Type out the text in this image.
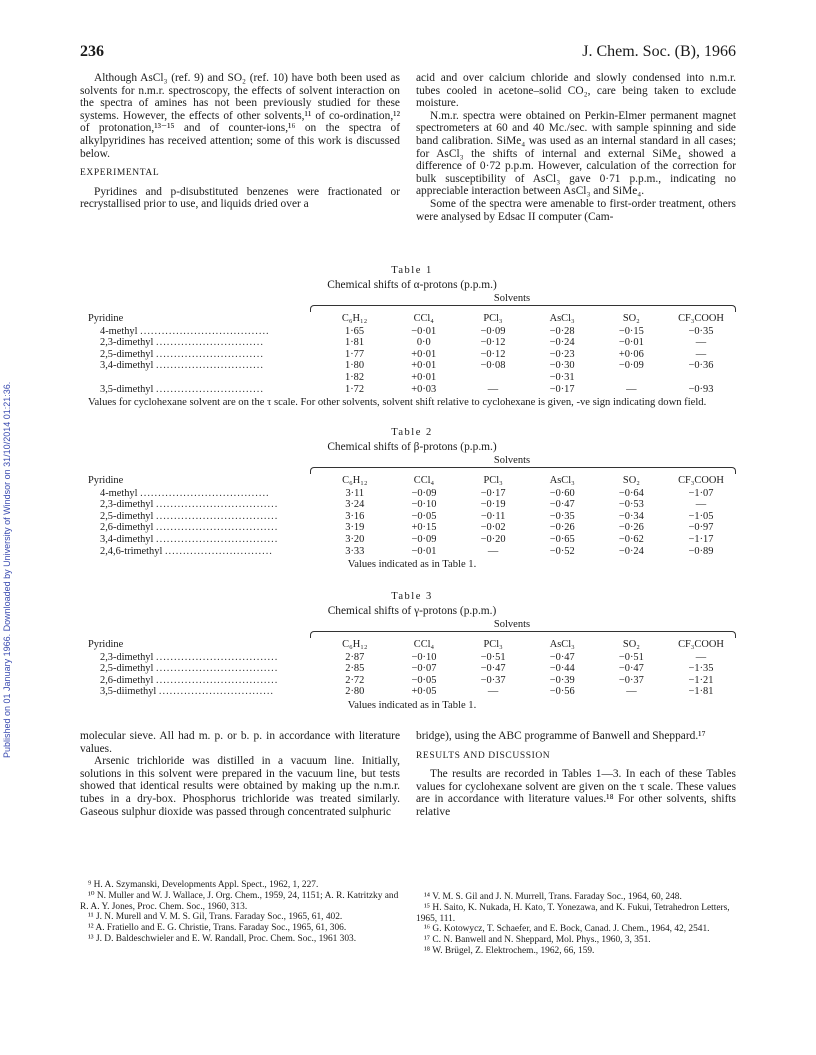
Published on 01 January 1966. Downloaded by University of Windsor on 31/10/2014 01:21:36.
236	J. Chem. Soc. (B), 1966

Although AsCl₃ (ref. 9) and SO₂ (ref. 10) have both been used as solvents for n.m.r. spectroscopy, the effects of solvent interaction on the spectra of amines has not been previously studied for these systems. However, the effects of other solvents,¹¹ of co-ordination,¹² of protonation,¹³⁻¹⁵ and of counter-ions,¹⁶ on the spectra of alkylpyridines has received attention; some of this work is discussed below.

EXPERIMENTAL

Pyridines and p-disubstituted benzenes were fractionated or recrystallised prior to use, and liquids dried over a

acid and over calcium chloride and slowly condensed into n.m.r. tubes cooled in acetone–solid CO₂, care being taken to exclude moisture.

N.m.r. spectra were obtained on Perkin-Elmer permanent magnet spectrometers at 60 and 40 Mc./sec. with sample spinning and side band calibration. SiMe₄ was used as an internal standard in all cases; for AsCl₃ the shifts of internal and external SiMe₄ showed a difference of 0·72 p.p.m. However, calculation of the correction for bulk susceptibility of AsCl₃ gave 0·71 p.p.m., indicating no appreciable interaction between AsCl₃ and SiMe₄.

Some of the spectra were amenable to first-order treatment, others were analysed by Edsac II computer (Cam-

Table 1
Chemical shifts of α-protons (p.p.m.)
Solvents
Pyridine	C₆H₁₂	CCl₄	PCl₃	AsCl₃	SO₂	CF₃COOH
4-methyl ....................................	1·65	−0·01	−0·09	−0·28	−0·15	−0·35
2,3-dimethyl ..............................	1·81	0·0	−0·12	−0·24	−0·01	—
2,5-dimethyl ..............................	1·77	+0·01	−0·12	−0·23	+0·06	—
3,4-dimethyl ..............................	1·80	+0·01	−0·08	−0·30	−0·09	−0·36
	1·82	+0·01		−0·31		
3,5-dimethyl ..............................	1·72	+0·03	—	−0·17	—	−0·93
Values for cyclohexane solvent are on the τ scale. For other solvents, solvent shift relative to cyclohexane is given, -ve sign indicating down field.
Table 2
Chemical shifts of β-protons (p.p.m.)
Solvents
Pyridine	C₆H₁₂	CCl₄	PCl₃	AsCl₃	SO₂	CF₃COOH
4-methyl ....................................	3·11	−0·09	−0·17	−0·60	−0·64	−1·07
2,3-dimethyl ..................................	3·24	−0·10	−0·19	−0·47	−0·53	—
2,5-dimethyl ..................................	3·16	−0·05	−0·11	−0·35	−0·34	−1·05
2,6-dimethyl ..................................	3·19	+0·15	−0·02	−0·26	−0·26	−0·97
3,4-dimethyl ..................................	3·20	−0·09	−0·20	−0·65	−0·62	−1·17
2,4,6-trimethyl ..............................	3·33	−0·01	—	−0·52	−0·24	−0·89
Values indicated as in Table 1.
Table 3
Chemical shifts of γ-protons (p.p.m.)
Solvents
Pyridine	C₆H₁₂	CCl₄	PCl₃	AsCl₃	SO₂	CF₃COOH
2,3-dimethyl ..................................	2·87	−0·10	−0·51	−0·47	−0·51	—
2,5-dimethyl ..................................	2·85	−0·07	−0·47	−0·44	−0·47	−1·35
2,6-dimethyl ..................................	2·72	−0·05	−0·37	−0·39	−0·37	−1·21
3,5-diimethyl ................................	2·80	+0·05	—	−0·56	—	−1·81
Values indicated as in Table 1.

molecular sieve. All had m. p. or b. p. in accordance with literature values.

Arsenic trichloride was distilled in a vacuum line. Initially, solutions in this solvent were prepared in the vacuum line, but tests showed that identical results were obtained by making up the n.m.r. tubes in a dry-box. Phosphorus trichloride was treated similarly. Gaseous sulphur dioxide was passed through concentrated sulphuric

bridge), using the ABC programme of Banwell and Sheppard.¹⁷

RESULTS AND DISCUSSION

The results are recorded in Tables 1—3. In each of these Tables values for cyclohexane solvent are given on the τ scale. These values are in accordance with literature values.¹⁸ For other solvents, shifts relative

⁹ H. A. Szymanski, Developments Appl. Spect., 1962, 1, 227.
¹⁰ N. Muller and W. J. Wallace, J. Org. Chem., 1959, 24, 1151; A. R. Katritzky and R. A. Y. Jones, Proc. Chem. Soc., 1960, 313.
¹¹ J. N. Murell and V. M. S. Gil, Trans. Faraday Soc., 1965, 61, 402.
¹² A. Fratiello and E. G. Christie, Trans. Faraday Soc., 1965, 61, 306.
¹³ J. D. Baldeschwieler and E. W. Randall, Proc. Chem. Soc., 1961 303.
¹⁴ V. M. S. Gil and J. N. Murrell, Trans. Faraday Soc., 1964, 60, 248.
¹⁵ H. Saito, K. Nukada, H. Kato, T. Yonezawa, and K. Fukui, Tetrahedron Letters, 1965, 111.
¹⁶ G. Kotowycz, T. Schaefer, and E. Bock, Canad. J. Chem., 1964, 42, 2541.
¹⁷ C. N. Banwell and N. Sheppard, Mol. Phys., 1960, 3, 351.
¹⁸ W. Brügel, Z. Elektrochem., 1962, 66, 159.
